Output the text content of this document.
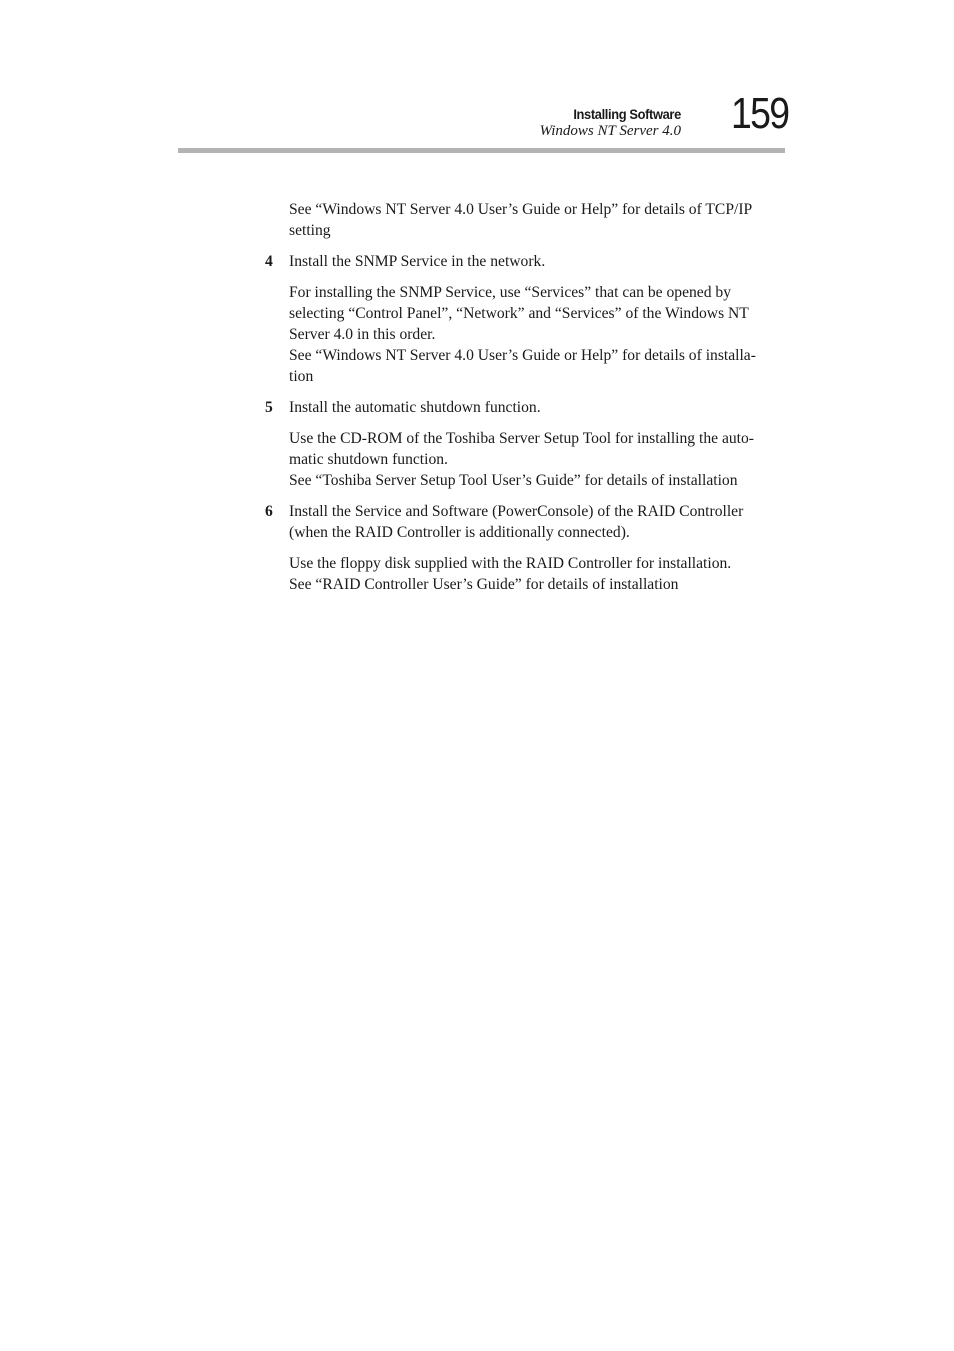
Installing Software
Windows NT Server 4.0 159

See “Windows NT Server 4.0 User’s Guide or Help” for details of TCP/IP
setting

4 Install the SNMP Service in the network.

For installing the SNMP Service, use “Services” that can be opened by
selecting “Control Panel”, “Network” and “Services” of the Windows NT
Server 4.0 in this order.
See “Windows NT Server 4.0 User’s Guide or Help” for details of installa-
tion

5 Install the automatic shutdown function.

Use the CD-ROM of the Toshiba Server Setup Tool for installing the auto-
matic shutdown function.
See “Toshiba Server Setup Tool User’s Guide” for details of installation

6 Install the Service and Software (PowerConsole) of the RAID Controller
(when the RAID Controller is additionally connected).

Use the floppy disk supplied with the RAID Controller for installation.
See “RAID Controller User’s Guide” for details of installation
